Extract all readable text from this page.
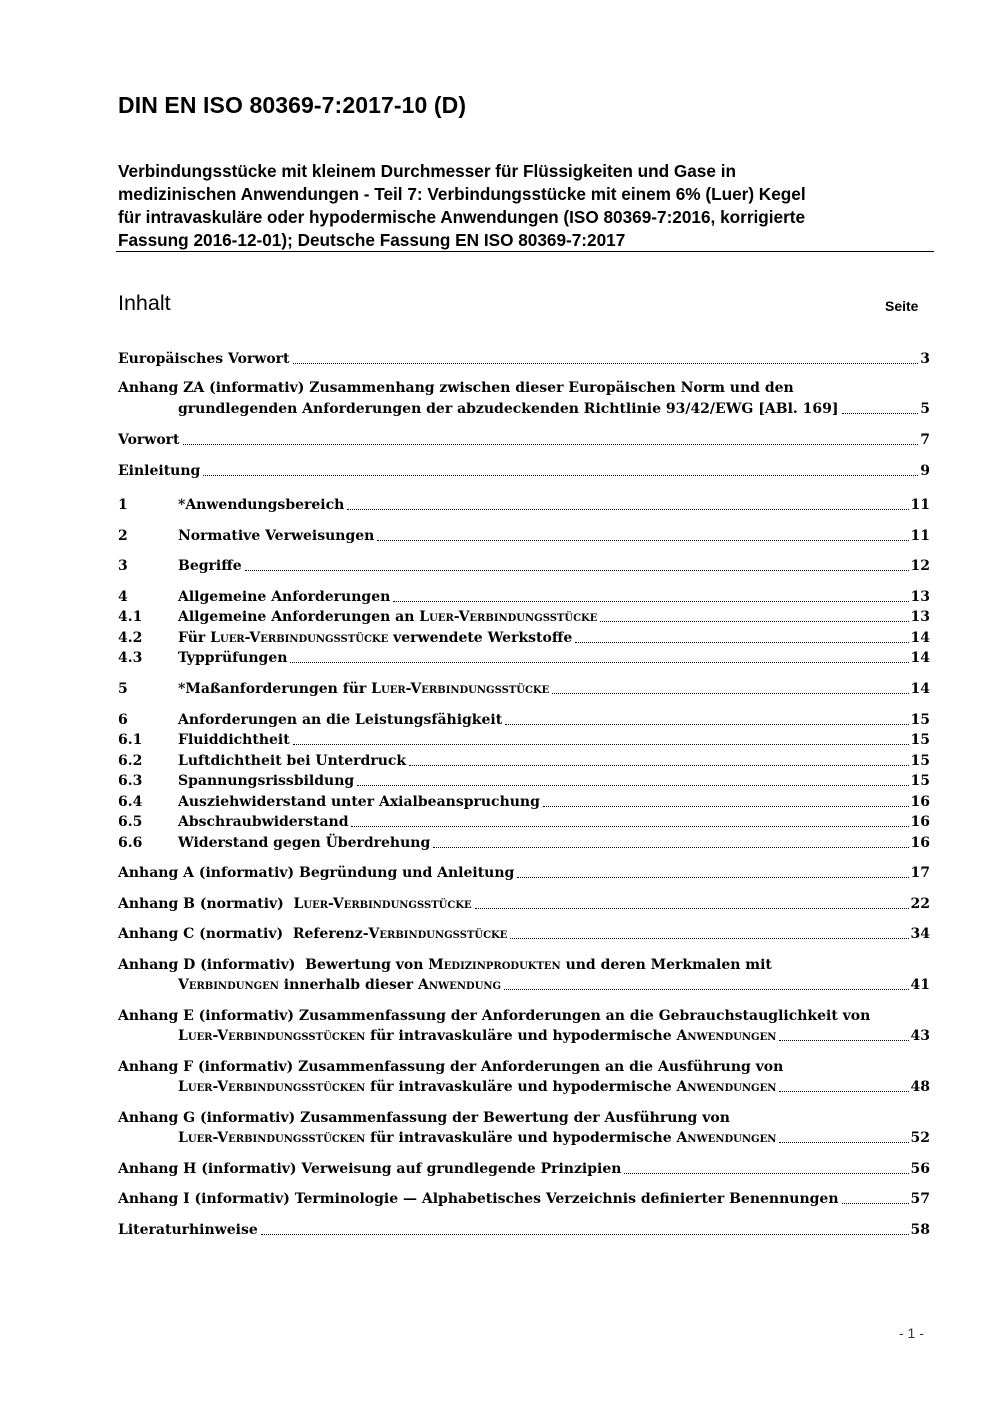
DIN EN ISO 80369-7:2017-10 (D)
Verbindungsstücke mit kleinem Durchmesser für Flüssigkeiten und Gase in
medizinischen Anwendungen - Teil 7: Verbindungsstücke mit einem 6% (Luer) Kegel
für intravaskuläre oder hypodermische Anwendungen (ISO 80369-7:2016, korrigierte
Fassung 2016-12-01); Deutsche Fassung EN ISO 80369-7:2017
Inhalt	Seite
Europäisches Vorwort	3
Anhang ZA (informativ) Zusammenhang zwischen dieser Europäischen Norm und den
grundlegenden Anforderungen der abzudeckenden Richtlinie 93/42/EWG [ABl. 169]	5
Vorwort	7
Einleitung	9
1	*Anwendungsbereich	11
2	Normative Verweisungen	11
3	Begriffe	12
4	Allgemeine Anforderungen	13
4.1	Allgemeine Anforderungen an Luer-Verbindungsstücke	13
4.2	Für Luer-Verbindungsstücke verwendete Werkstoffe	14
4.3	Typprüfungen	14
5	*Maßanforderungen für Luer-Verbindungsstücke	14
6	Anforderungen an die Leistungsfähigkeit	15
6.1	Fluiddichtheit	15
6.2	Luftdichtheit bei Unterdruck	15
6.3	Spannungsrissbildung	15
6.4	Ausziehwiderstand unter Axialbeanspruchung	16
6.5	Abschraubwiderstand	16
6.6	Widerstand gegen Überdrehung	16
Anhang A (informativ) Begründung und Anleitung	17
Anhang B (normativ)  Luer-Verbindungsstücke	22
Anhang C (normativ)  Referenz-Verbindungsstücke	34
Anhang D (informativ)  Bewertung von Medizinprodukten und deren Merkmalen mit
Verbindungen innerhalb dieser Anwendung	41
Anhang E (informativ) Zusammenfassung der Anforderungen an die Gebrauchstauglichkeit von
Luer-Verbindungsstücken für intravaskuläre und hypodermische Anwendungen	43
Anhang F (informativ) Zusammenfassung der Anforderungen an die Ausführung von
Luer-Verbindungsstücken für intravaskuläre und hypodermische Anwendungen	48
Anhang G (informativ) Zusammenfassung der Bewertung der Ausführung von
Luer-Verbindungsstücken für intravaskuläre und hypodermische Anwendungen	52
Anhang H (informativ) Verweisung auf grundlegende Prinzipien	56
Anhang I (informativ) Terminologie — Alphabetisches Verzeichnis definierter Benennungen	57
Literaturhinweise	58
- 1 -
